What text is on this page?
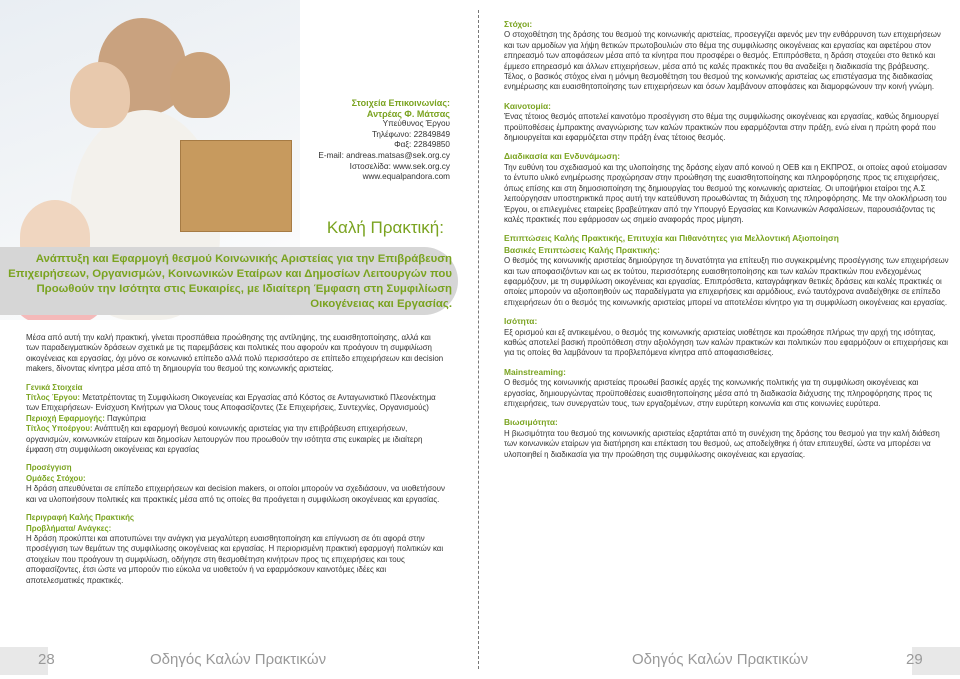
Στοιχεία Επικοινωνίας:
Αντρέας Φ. Μάτσας
Υπεύθυνος Έργου
Τηλέφωνο: 22849849
Φαξ: 22849850
E-mail: andreas.matsas@sek.org.cy
Ιστοσελίδα: www.sek.org.cy
www.equalpandora.com
Καλή Πρακτική:
Ανάπτυξη και Εφαρμογή θεσμού Κοινωνικής Αριστείας για την Επιβράβευση Επιχειρήσεων, Οργανισμών, Κοινωνικών Εταίρων και Δημοσίων Λειτουργών που Προωθούν την Ισότητα στις Ευκαιρίες, με Ιδιαίτερη Έμφαση στη Συμφιλίωση Οικογένειας και Εργασίας.

Μέσα από αυτή την καλή πρακτική, γίνεται προσπάθεια προώθησης της αντίληψης, της ευαισθητοποίησης, αλλά και των παραδειγματικών δράσεων σχετικά με τις παρεμβάσεις και πολιτικές που αφορούν και προάγουν τη συμφιλίωση οικογένειας και εργασίας, όχι μόνο σε κοινωνικό επίπεδο αλλά πολύ περισσότερο σε επίπεδο επιχειρήσεων και decision makers, δίνοντας κίνητρα μέσα από τη δημιουργία του θεσμού της κοινωνικής αριστείας.

Γενικά Στοιχεία
Τίτλος Έργου: Μετατρέποντας τη Συμφιλίωση Οικογενείας και Εργασίας από Κόστος σε Ανταγωνιστικό Πλεονέκτημα των Επιχειρήσεων- Ενίσχυση Κινήτρων για Όλους τους Αποφασίζοντες (Σε Επιχειρήσεις, Συντεχνίες, Οργανισμούς)
Περιοχή Εφαρμογής: Παγκύπρια
Τίτλος Υποέργου: Ανάπτυξη και εφαρμογή θεσμού κοινωνικής αριστείας για την επιβράβευση επιχειρήσεων, οργανισμών, κοινωνικών εταίρων και δημοσίων λειτουργών που προωθούν την ισότητα στις ευκαιρίες με ιδιαίτερη έμφαση στη συμφιλίωση οικογένειας και εργασίας

Προσέγγιση
Ομάδες Στόχου:
Η δράση απευθύνεται σε επίπεδο επιχειρήσεων και decision makers, οι οποίοι μπορούν να σχεδιάσουν, να υιοθετήσουν και να υλοποιήσουν πολιτικές και πρακτικές μέσα από τις οποίες θα προάγεται η συμφιλίωση οικογένειας και εργασίας.

Περιγραφή Καλής Πρακτικής
Προβλήματα/ Ανάγκες:
Η δράση προκύπτει και αποτυπώνει την ανάγκη για μεγαλύτερη ευαισθητοποίηση και επίγνωση σε ότι αφορά στην προσέγγιση των θεμάτων της συμφιλίωσης οικογένειας και εργασίας. Η περιορισμένη πρακτική εφαρμογή πολιτικών και στοιχείων που προάγουν τη συμφιλίωση, οδήγησε στη θεσμοθέτηση κινήτρων προς τις επιχειρήσεις και τους αποφασίζοντες, έτσι ώστε να μπορούν πιο εύκολα να υιοθετούν ή να εφαρμόσκουν καινοτόμες ιδέες και αποτελεσματικές πρακτικές.

28	Οδηγός Καλών Πρακτικών

Στόχοι:
Ο στοχοθέτηση της δράσης του θεσμού της κοινωνικής αριστείας, προσεγγίζει αφενός μεν την ενθάρρυνση των επιχειρήσεων και των αρμοδίων για λήψη θετικών πρωτοβουλιών στο θέμα της συμφιλίωσης οικογένειας και εργασίας και αφετέρου στον επηρεασμό των αποφάσεων μέσα από τα κίνητρα που προσφέρει ο θεσμός. Επιπρόσθετα, η δράση στοχεύει στο θετικό και έμμεσο επηρεασμό και άλλων επιχειρήσεων, μέσα από τις καλές πρακτικές που θα αναδείξει η διαδικασία της βράβευσης. Τέλος, ο βασικός στόχος είναι η μόνιμη θεσμοθέτηση του θεσμού της κοινωνικής αριστείας ως επιστέγασμα της διαδικασίας ενημέρωσης και ευαισθητοποίησης των επιχειρήσεων και όσων λαμβάνουν αποφάσεις και διαμορφώνουν την κοινή γνώμη.

Καινοτομία:
Ένας τέτοιος θεσμός αποτελεί καινοτόμο προσέγγιση στο θέμα της συμφιλίωσης οικογένειας και εργασίας, καθώς δημιουργεί προϋποθέσεις έμπρακτης αναγνώρισης των καλών πρακτικών που εφαρμόζονται στην πράξη, ενώ είναι η πρώτη φορά που δημιουργείται και εφαρμόζεται στην πράξη ένας τέτοιος θεσμός.

Διαδικασία και Ενδυνάμωση:
Την ευθύνη του σχεδιασμού και της υλοποίησης της δράσης είχαν από κοινού η ΟΕΒ και η ΕΚΠΡΟΣ, οι οποίες αφού ετοίμασαν το έντυπο υλικό ενημέρωσης προχώρησαν στην προώθηση της ευαισθητοποίησης και πληροφόρησης προς τις επιχειρήσεις, όπως επίσης και στη δημοσιοποίηση της δημιουργίας του θεσμού της κοινωνικής αριστείας. Οι υποψήφιοι εταίροι της Α.Σ λειτούργησαν υποστηρικτικά προς αυτή την κατεύθυνση προωθώντας τη διάχυση της πληροφόρησης. Με την ολοκλήρωση του Έργου, οι επιλεγμένες εταιρείες βραβεύτηκαν από την Υπουργό Εργασίας και Κοινωνικών Ασφαλίσεων, παρουσιάζοντας τις καλές πρακτικές που εφάρμοσαν ως σημείο αναφοράς προς μίμηση.

Επιπτώσεις Καλής Πρακτικής, Επιτυχία και Πιθανότητες για Μελλοντική Αξιοποίηση
Βασικές Επιπτώσεις Καλής Πρακτικής:
Ο θεσμός της κοινωνικής αριστείας δημιούργησε τη δυνατότητα για επίτευξη πιο συγκεκριμένης προσέγγισης των επιχειρήσεων και των αποφασιζόντων και ως εκ τούτου, περισσότερης ευαισθητοποίησης και των καλών πρακτικών που ενδεχομένως εφαρμόζουν, με τη συμφιλίωση οικογένειας και εργασίας. Επιπρόσθετα, καταγράφηκαν θετικές δράσεις και καλές πρακτικές οι οποίες μπορούν να αξιοποιηθούν ως παραδείγματα για επιχειρήσεις και αρμόδιους, ενώ ταυτόχρονα αναδείχθηκε σε επίπεδο επιχειρήσεων ότι ο θεσμός της κοινωνικής αριστείας μπορεί να αποτελέσει κίνητρο για τη συμφιλίωση οικογένειας και εργασίας.

Ισότητα:
Εξ ορισμού και εξ αντικειμένου, ο θεσμός της κοινωνικής αριστείας υιοθέτησε και προώθησε πλήρως την αρχή της ισότητας, καθώς αποτελεί βασική προϋπόθεση στην αξιολόγηση των καλών πρακτικών και πολιτικών που εφαρμόζουν οι επιχειρήσεις και για τις οποίες θα λαμβάνουν τα προβλεπόμενα κίνητρα από αποφασισθείσες.

Mainstreaming:
Ο θεσμός της κοινωνικής αριστείας προωθεί βασικές αρχές της κοινωνικής πολιτικής για τη συμφιλίωση οικογένειας και εργασίας, δημιουργώντας προϋποθέσεις ευαισθητοποίησης μέσα από τη διαδικασία διάχυσης της πληροφόρησης προς τις επιχειρήσεις, των συνεργατών τους, των εργαζομένων, στην ευρύτερη κοινωνία και στις κοινωνίες ευρύτερα.

Βιωσιμότητα:
Η βιωσιμότητα του θεσμού της κοινωνικής αριστείας εξαρτάται από τη συνέχιση της δράσης του θεσμού για την καλή διάθεση των κοινωνικών εταίρων για διατήρηση και επέκταση του θεσμού, ως αποδείχθηκε ή όταν επιτευχθεί, ώστε να μπορέσει να υλοποιηθεί η διαδικασία για την προώθηση της συμφιλίωσης οικογένειας και εργασίας.

Οδηγός Καλών Πρακτικών	29
